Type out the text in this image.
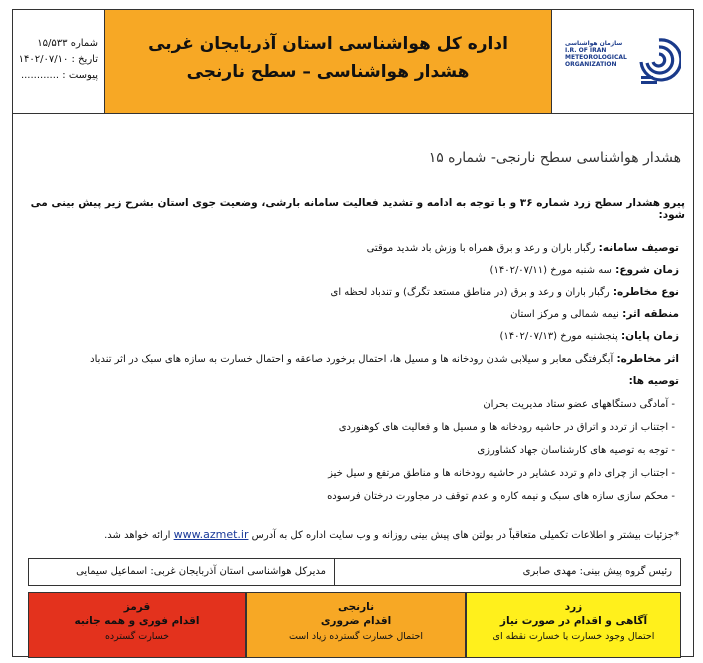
شماره ۱۵/۵۳۳
تاریخ : ۱۴۰۲/۰۷/۱۰
پیوست : ............
اداره کل هواشناسی استان آذربایجان غربی
هشدار هواشناسی – سطح نارنجی
سازمان هواشناسی
I.R. OF IRAN
METEOROLOGICAL
ORGANIZATION
هشدار هواشناسی سطح نارنجی- شماره ۱۵
پیرو هشدار سطح زرد شماره ۳۶ و با توجه به ادامه و تشدید فعالیت سامانه بارشی، وضعیت جوی استان بشرح زیر پیش بینی می شود:
توصیف سامانه: رگبار باران و رعد و برق همراه با وزش باد شدید موقتی
زمان شروع: سه شنبه مورخ (۱۴۰۲/۰۷/۱۱)
نوع مخاطره: رگبار باران و رعد و برق (در مناطق مستعد تگرگ) و تندباد لحظه ای
منطقه اثر: نیمه شمالی و مرکز استان
زمان پایان: پنجشنبه مورخ (۱۴۰۲/۰۷/۱۳)
اثر مخاطره: آبگرفتگی معابر و سیلابی شدن رودخانه ها و مسیل ها، احتمال برخورد صاعقه و احتمال خسارت به سازه های سبک در اثر تندباد
توصیه ها:
- آمادگی دستگاههای عضو ستاد مدیریت بحران
- اجتناب از تردد و اتراق در حاشیه رودخانه ها و مسیل ها و فعالیت های کوهنوردی
- توجه به توصیه های کارشناسان جهاد کشاورزی
- اجتناب از چرای دام و تردد عشایر در حاشیه رودخانه ها و مناطق مرتفع و سیل خیز
- محکم سازی سازه های سبک و نیمه کاره و عدم توقف در مجاورت درختان فرسوده
*جزئیات بیشتر و اطلاعات تکمیلی متعاقباً در بولتن های پیش بینی روزانه و وب سایت اداره کل به آدرس www.azmet.ir ارائه خواهد شد.
رئیس گروه پیش بینی: مهدی صابری
مدیرکل هواشناسی استان آذربایجان غربی: اسماعیل سیمایی
زرد
آگاهی و اقدام در صورت نیاز
احتمال وجود خسارت یا خسارت نقطه ای
نارنجی
اقدام ضروری
احتمال خسارت گسترده زیاد است
قرمز
اقدام فوری و همه جانبه
خسارت گسترده
